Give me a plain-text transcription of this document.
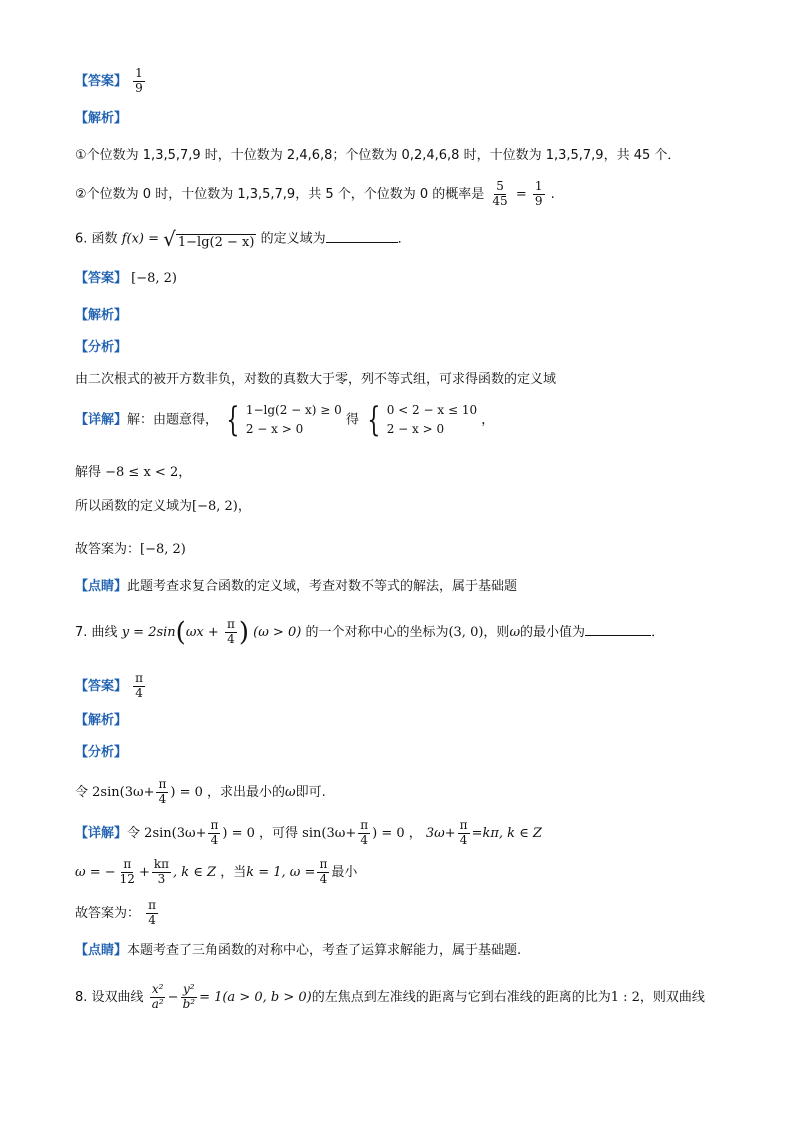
【答案】 $\frac{1}{9}$
【解析】
①个位数为 1,3,5,7,9 时，十位数为 2,4,6,8；个位数为 0,2,4,6,8 时，十位数为 1,3,5,7,9，共 45 个．
②个位数为 0 时，十位数为 1,3,5,7,9，共 5 个，个位数为 0 的概率是 $\frac{5}{45} = \frac{1}{9}$ .
6. 函数 f(x) = √ 1−lg(2 − x) 的定义域为	．
【答案】 [−8, 2)
【解析】
【分析】
由二次根式的被开方数非负，对数的真数大于零，列不等式组，可求得函数的定义域
【详解】解：由题意得， { 1−lg(2 − x) ≥ 0
2 − x > 0
得 { 0 < 2 − x ≤ 10
2 − x > 0
，
解得 −8 ≤ x < 2，
所以函数的定义域为[−8, 2)，
故答案为：[−8, 2)
【点睛】此题考查求复合函数的定义域，考查对数不等式的解法，属于基础题
7. 曲线 $y = 2\sin(\omega x + \frac{\pi}{4}$ ) (ω > 0) 的一个对称中心的坐标为(3, 0)，则ω的最小值为	．
【答案】 $\frac{\pi}{4}$
【解析】
【分析】
令 $2\sin(3\omega+ \frac{\pi}{4}$ ) = 0 ，求出最小的ω即可.
【详解】令 $2\sin(3\omega+ \frac{\pi}{4}$ ) = 0 ，可得 $\sin(3\omega+ \frac{\pi}{4}$ ) = 0 ， $3\omega+ \frac{\pi}{4} =k\pi$, k ∈ Z
ω = − $\frac{\pi}{12} + \frac{k\pi}{3}$ , k ∈ Z ，当k = 1, $\omega = \frac{\pi}{4}$ 最小
故答案为： $\frac{\pi}{4}$
【点睛】本题考查了三角函数的对称中心，考查了运算求解能力，属于基础题.
8. 设双曲线 $\frac{\text{x²}}{\text{a²}} - \frac{\text{y²}}{\text{b²}} = 1(a > 0$, b > 0)的左焦点到左准线的距离与它到右准线的距离的比为1 : 2，则双曲线
